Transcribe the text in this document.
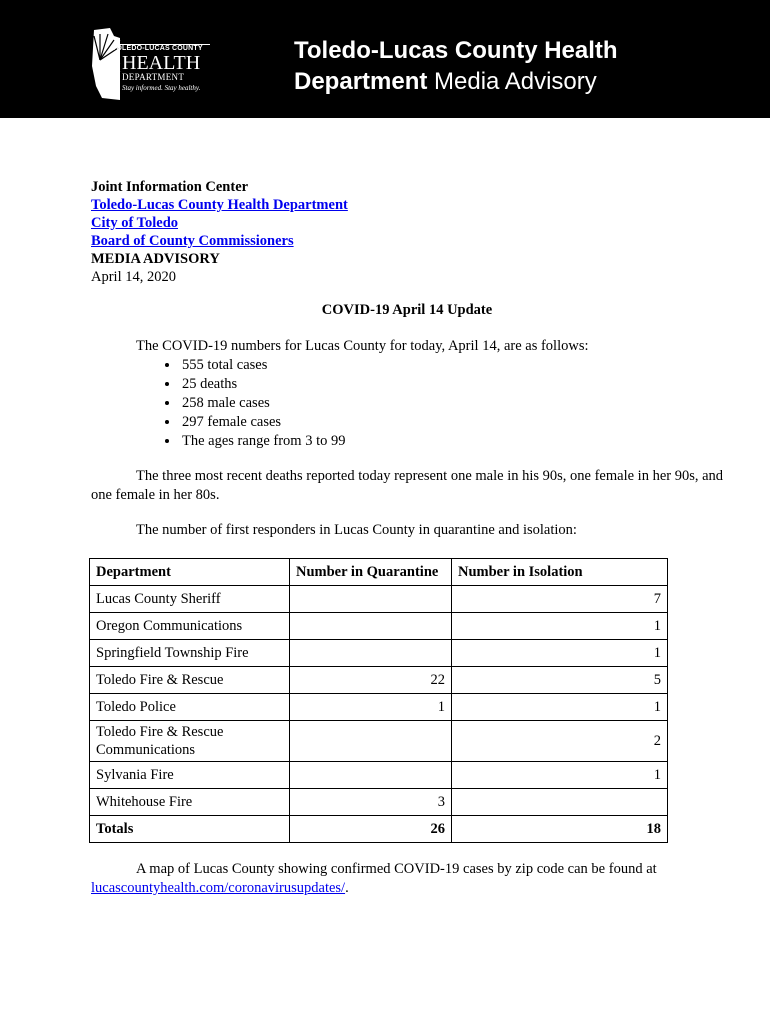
TOLEDO-LUCAS COUNTY
HEALTH
DEPARTMENT
Stay informed. Stay healthy.
Toledo-Lucas County Health
Department Media Advisory
Joint Information Center
Toledo-Lucas County Health Department
City of Toledo
Board of County Commissioners
MEDIA ADVISORY
April 14, 2020
COVID-19 April 14 Update
The COVID-19 numbers for Lucas County for today, April 14, are as follows:
• 555 total cases
• 25 deaths
• 258 male cases
• 297 female cases
• The ages range from 3 to 99
The three most recent deaths reported today represent one male in his 90s, one female in her 90s, and one female in her 80s.
The number of first responders in Lucas County in quarantine and isolation:
Department	Number in Quarantine	Number in Isolation
Lucas County Sheriff		7
Oregon Communications		1
Springfield Township Fire		1
Toledo Fire & Rescue	22	5
Toledo Police	1	1
Toledo Fire & Rescue Communications		2
Sylvania Fire		1
Whitehouse Fire	3	
Totals	26	18
A map of Lucas County showing confirmed COVID-19 cases by zip code can be found at
lucascountyhealth.com/coronavirusupdates/.
